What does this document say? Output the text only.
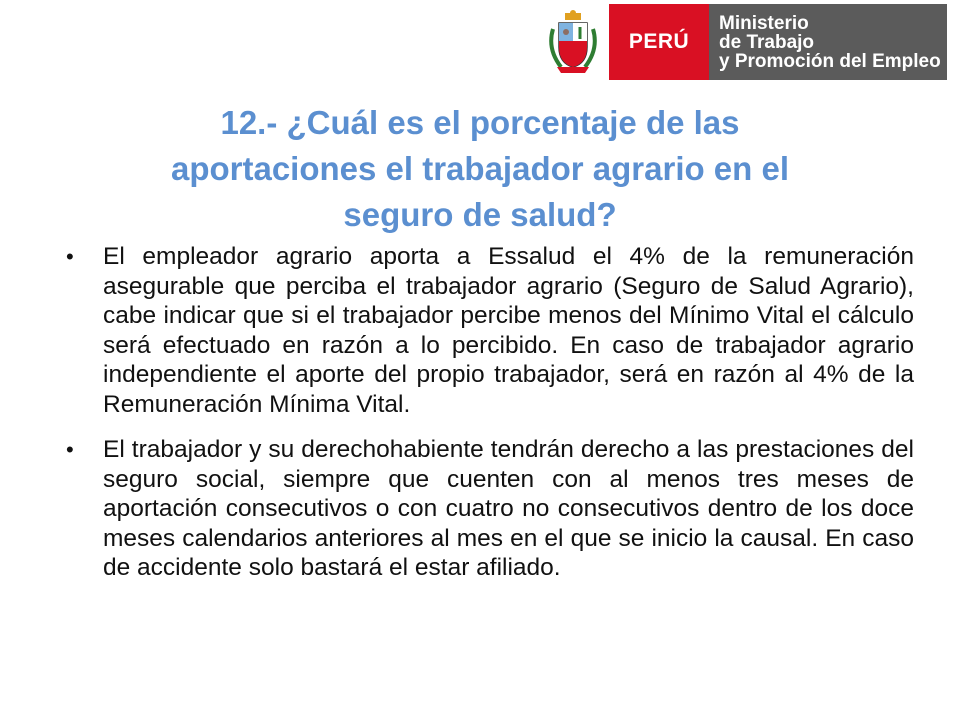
PERÚ
Ministerio
de Trabajo
y Promoción del Empleo
12.- ¿Cuál es el porcentaje de las aportaciones el trabajador agrario en el seguro de salud?
• El empleador agrario aporta a Essalud el 4% de la remuneración asegurable que perciba el trabajador agrario (Seguro de Salud Agrario), cabe indicar que si el trabajador percibe menos del Mínimo Vital el cálculo será efectuado en razón a lo percibido. En caso de trabajador agrario independiente el aporte del propio trabajador, será en razón al 4% de la Remuneración Mínima Vital.
• El trabajador y su derechohabiente tendrán derecho a las prestaciones del seguro social, siempre que cuenten con al menos tres meses de aportación consecutivos o con cuatro no consecutivos dentro de los doce meses calendarios anteriores al mes en el que se inicio la causal. En caso de accidente solo bastará el estar afiliado.
